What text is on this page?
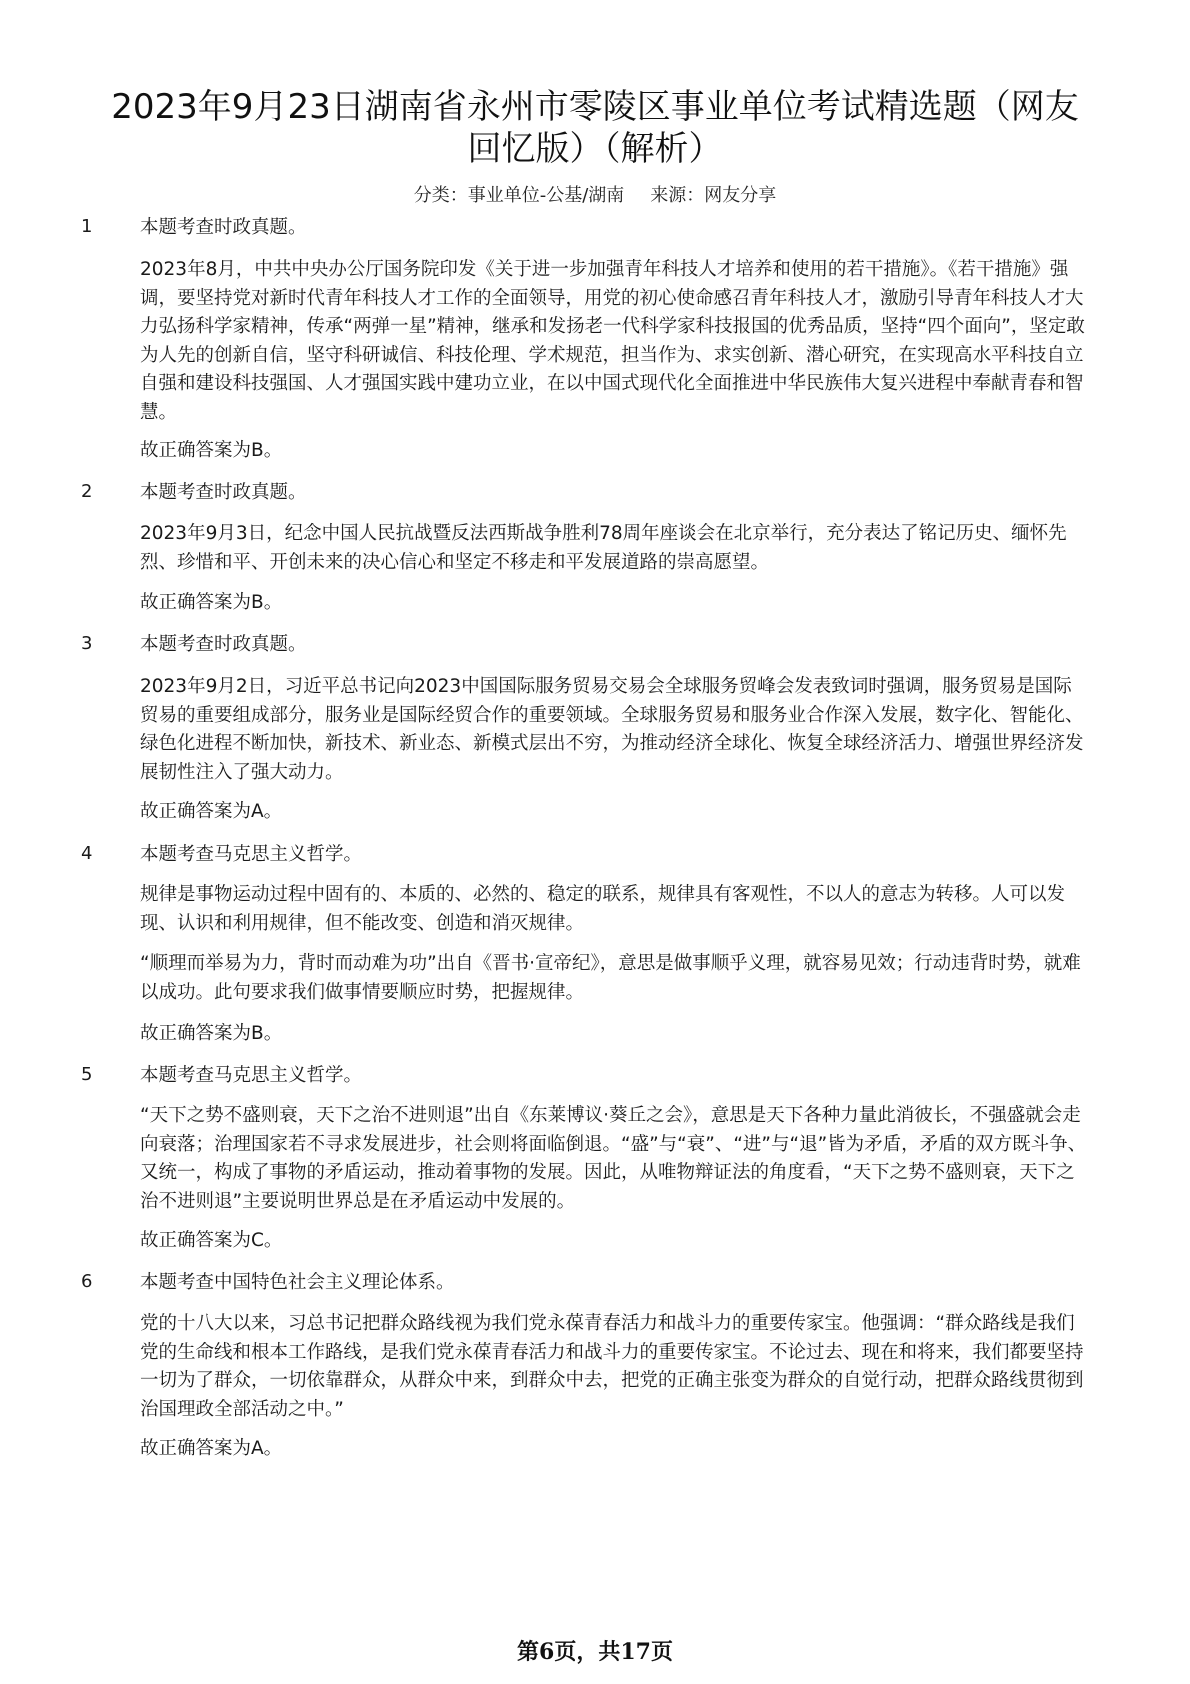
2023年9月23日湖南省永州市零陵区事业单位考试精选题（网友
回忆版）（解析）
分类：事业单位-公基/湖南 来源：网友分享
1	本题考查时政真题。

2023年8月，中共中央办公厅国务院印发《关于进一步加强青年科技人才培养和使用的若干措施》。《若干措施》强调，要坚持党对新时代青年科技人才工作的全面领导，用党的初心使命感召青年科技人才，激励引导青年科技人才大力弘扬科学家精神，传承“两弹一星”精神，继承和发扬老一代科学家科技报国的优秀品质，坚持“四个面向”，坚定敢为人先的创新自信，坚守科研诚信、科技伦理、学术规范，担当作为、求实创新、潜心研究，在实现高水平科技自立自强和建设科技强国、人才强国实践中建功立业，在以中国式现代化全面推进中华民族伟大复兴进程中奉献青春和智慧。

故正确答案为B。

2	本题考查时政真题。

2023年9月3日，纪念中国人民抗战暨反法西斯战争胜利78周年座谈会在北京举行，充分表达了铭记历史、缅怀先烈、珍惜和平、开创未来的决心信心和坚定不移走和平发展道路的崇高愿望。

故正确答案为B。

3	本题考查时政真题。

2023年9月2日，习近平总书记向2023中国国际服务贸易交易会全球服务贸峰会发表致词时强调，服务贸易是国际贸易的重要组成部分，服务业是国际经贸合作的重要领域。全球服务贸易和服务业合作深入发展，数字化、智能化、绿色化进程不断加快，新技术、新业态、新模式层出不穷，为推动经济全球化、恢复全球经济活力、增强世界经济发展韧性注入了强大动力。

故正确答案为A。

4	本题考查马克思主义哲学。

规律是事物运动过程中固有的、本质的、必然的、稳定的联系，规律具有客观性，不以人的意志为转移。人可以发现、认识和利用规律，但不能改变、创造和消灭规律。

“顺理而举易为力，背时而动难为功”出自《晋书·宣帝纪》，意思是做事顺乎义理，就容易见效；行动违背时势，就难以成功。此句要求我们做事情要顺应时势，把握规律。

故正确答案为B。

5	本题考查马克思主义哲学。

“天下之势不盛则衰，天下之治不进则退”出自《东莱博议·葵丘之会》，意思是天下各种力量此消彼长，不强盛就会走向衰落；治理国家若不寻求发展进步，社会则将面临倒退。“盛”与“衰”、“进”与“退”皆为矛盾，矛盾的双方既斗争、又统一，构成了事物的矛盾运动，推动着事物的发展。因此，从唯物辩证法的角度看，“天下之势不盛则衰，天下之治不进则退”主要说明世界总是在矛盾运动中发展的。

故正确答案为C。

6	本题考查中国特色社会主义理论体系。

党的十八大以来，习总书记把群众路线视为我们党永葆青春活力和战斗力的重要传家宝。他强调：“群众路线是我们党的生命线和根本工作路线，是我们党永葆青春活力和战斗力的重要传家宝。不论过去、现在和将来，我们都要坚持一切为了群众，一切依靠群众，从群众中来，到群众中去，把党的正确主张变为群众的自觉行动，把群众路线贯彻到治国理政全部活动之中。”

故正确答案为A。

第6页，共17页
